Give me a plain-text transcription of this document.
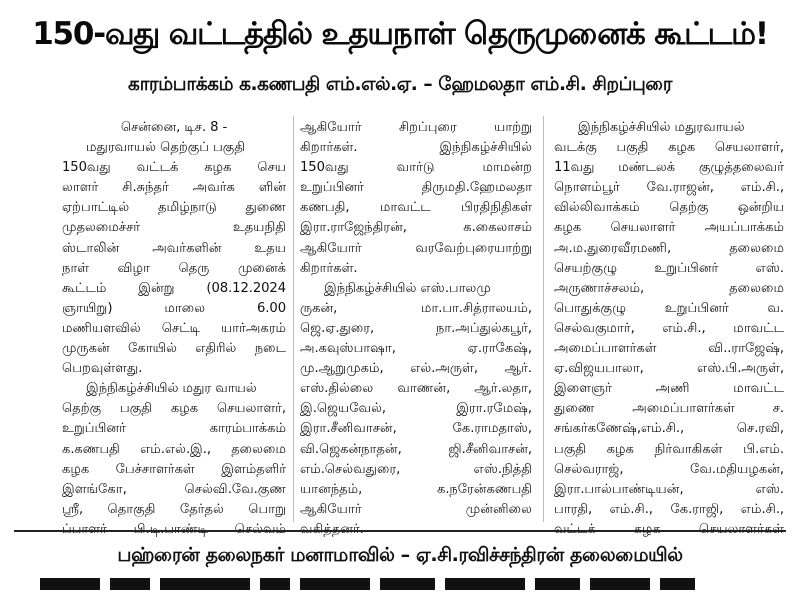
150-வது வட்டத்தில் உதயநாள் தெருமுனைக் கூட்டம்!
காரம்பாக்கம் க.கணபதி எம்.எல்.ஏ. – ஹேமலதா எம்.சி. சிறப்புரை
சென்னை, டிச. 8 -
மதுரவாயல் தெற்குப் பகுதி
150வது வட்டக் கழக செய
லாளர் சி.சுந்தர் அவர்க ளின்
ஏற்பாட்டில் தமிழ்நாடு துணை
முதலமைச்சர் உதயநிதி
ஸ்டாலின் அவர்களின் உதய
நாள் விழா தெரு முனைக்
கூட்டம் இன்று (08.12.2024
ஞாயிறு) மாலை 6.00
மணியளவில் செட்டி யார்அகரம்
முருகன் கோயில் எதிரில் நடை
பெறவுள்ளது.
இந்நிகழ்ச்சியில் மதுர வாயல்
தெற்கு பகுதி கழக செயலாளர்,
உறுப்பினர் காரம்பாக்கம்
க.கணபதி எம்.எல்.இ., தலைமை
கழக பேச்சாளர்கள் இளம்தளிர்
இளங்கோ, செல்வி.வே.குண
ஸ்ரீ, தொகுதி தேர்தல் பொறு
ஆகியோர் சிறப்புரை யாற்று
கிறார்கள். இந்நிகழ்ச்சியில்
150வது வார்டு மாமன்ற
உறுப்பினர் திருமதி.ஹேமலதா
கணபதி, மாவட்ட பிரதிநிதிகள்
இரா.ராஜேந்திரன், க.கைலாசம்
ஆகியோர் வரவேற்புரையாற்று
கிறார்கள்.
இந்நிகழ்ச்சியில் எஸ்.பாலமு
ருகன், மா.பா.சித்ராலயம்,
ஜெ.ஏ.துரை, நா.அப்துல்கபூர்,
அ.கவுஸ்பாஷா, ஏ.ராகேஷ்,
மு.ஆறுமுகம், எல்.அருள், ஆர்.
எஸ்.தில்லை வாணன், ஆர்.லதா,
இ.ஜெயவேல், இரா.ரமேஷ்,
இரா.சீனிவாசன், கே.ராமதாஸ்,
வி.ஜெகன்நாதன், ஜி.சீனிவாசன்,
எம்.செல்வதுரை, எஸ்.நித்தி
யானந்தம், க.நரேன்கணபதி
ஆகியோர் முன்னிலை
இந்நிகழ்ச்சியில் மதுரவாயல்
வடக்கு பகுதி கழக செயலாளர்,
11வது மண்டலக் குழுத்தலைவர்
நொளம்பூர் வே.ராஜன், எம்.சி.,
வில்லிவாக்கம் தெற்கு ஒன்றிய
கழக செயலாளர் அயப்பாக்கம்
அ.ம.துரைவீரமணி, தலைமை
செயற்குழு உறுப்பினர் எஸ்.
அருணாச்சலம், தலைமை
பொதுக்குழு உறுப்பினர் வ.
செல்வகுமார், எம்.சி., மாவட்ட
அமைப்பாளர்கள் வி..ராஜேஷ்,
ஏ.விஜயபாலா, எஸ்.பி.அருள்,
இளைஞர் அணி மாவட்ட
துணை அமைப்பாளர்கள் ச.
சங்கர்கணேஷ்,எம்.சி., செ.ரவி,
பகுதி கழக நிர்வாகிகள் பி.எம்.
செல்வராஜ், வே.மதியழகன்,
இரா.பால்பாண்டியன், எஸ்.
பாரதி, எம்.சி., கே.ராஜி, எம்.சி.,
பஹ்ரைன் தலைநகர் மனாமாவில் – ஏ.சி.ரவிச்சந்திரன் தலைமையில்
